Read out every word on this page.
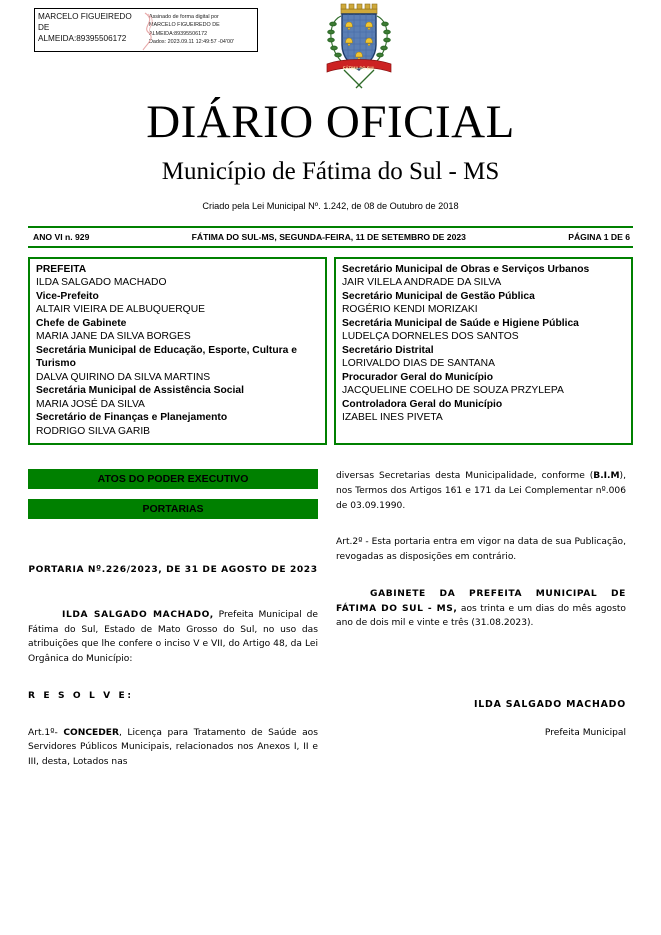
MARCELO FIGUEIREDO
DE
ALMEIDA:89395506172
Assinado de forma digital por
MARCELO FIGUEIREDO DE
ALMEIDA:89395506172
Dados: 2023.09.11 12:49:57 -04'00'
FÁTIMA DO SUL
DIÁRIO OFICIAL
Município de Fátima do Sul - MS
Criado pela Lei Municipal Nº. 1.242, de 08 de Outubro de 2018
ANO VI n. 929	FÁTIMA DO SUL-MS, SEGUNDA-FEIRA, 11 DE SETEMBRO DE 2023	PÁGINA 1 DE 6
PREFEITA
ILDA SALGADO MACHADO
Vice-Prefeito
ALTAIR VIEIRA DE ALBUQUERQUE
Chefe de Gabinete
MARIA JANE DA SILVA BORGES
Secretária Municipal de Educação, Esporte, Cultura e Turismo
DALVA QUIRINO DA SILVA MARTINS
Secretária Municipal de Assistência Social
MARIA JOSÉ DA SILVA
Secretário de Finanças e Planejamento
RODRIGO SILVA GARIB
Secretário Municipal de Obras e Serviços Urbanos
JAIR VILELA ANDRADE DA SILVA
Secretário Municipal de Gestão Pública
ROGÉRIO KENDI MORIZAKI
Secretária Municipal de Saúde e Higiene Pública
LUDELÇA DORNELES DOS SANTOS
Secretário Distrital
LORIVALDO DIAS DE SANTANA
Procurador Geral do Município
JACQUELINE COELHO DE SOUZA PRZYLEPA
Controladora Geral do Município
IZABEL INES PIVETA
ATOS DO PODER EXECUTIVO
PORTARIAS
PORTARIA Nº.226/2023, DE 31 DE AGOSTO DE 2023

ILDA SALGADO MACHADO, Prefeita Municipal de Fátima do Sul, Estado de Mato Grosso do Sul, no uso das atribuições que lhe confere o inciso V e VII, do Artigo 48, da Lei Orgânica do Município:

R E S O L V E:

Art.1º- CONCEDER, Licença para Tratamento de Saúde aos Servidores Públicos Municipais, relacionados nos Anexos I, II e III, desta, Lotados nas

diversas Secretarias desta Municipalidade, conforme (B.I.M), nos Termos dos Artigos 161 e 171 da Lei Complementar nº.006 de 03.09.1990.

Art.2º - Esta portaria entra em vigor na data de sua Publicação, revogadas as disposições em contrário.

GABINETE DA PREFEITA MUNICIPAL DE FÁTIMA DO SUL - MS, aos trinta e um dias do mês agosto ano de dois mil e vinte e três (31.08.2023).

ILDA SALGADO MACHADO
Prefeita Municipal
